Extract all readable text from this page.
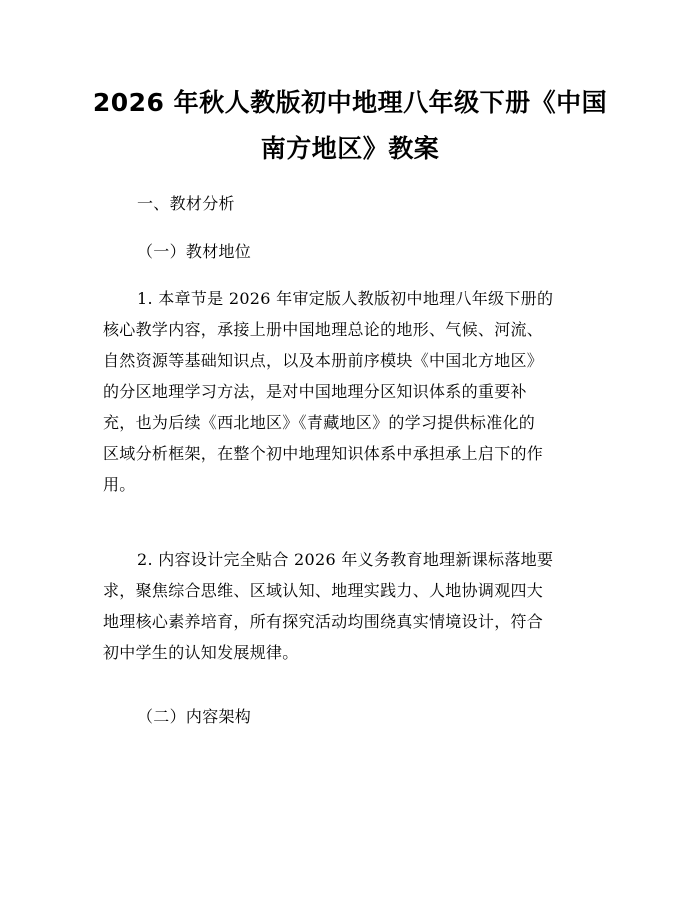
2026 年秋人教版初中地理八年级下册《中国
南方地区》教案
一、教材分析
（一）教材地位
1. 本章节是 2026 年审定版人教版初中地理八年级下册的
核心教学内容，承接上册中国地理总论的地形、气候、河流、
自然资源等基础知识点，以及本册前序模块《中国北方地区》
的分区地理学习方法，是对中国地理分区知识体系的重要补
充，也为后续《西北地区》《青藏地区》的学习提供标准化的
区域分析框架，在整个初中地理知识体系中承担承上启下的作
用。
2. 内容设计完全贴合 2026 年义务教育地理新课标落地要
求，聚焦综合思维、区域认知、地理实践力、人地协调观四大
地理核心素养培育，所有探究活动均围绕真实情境设计，符合
初中学生的认知发展规律。
（二）内容架构
